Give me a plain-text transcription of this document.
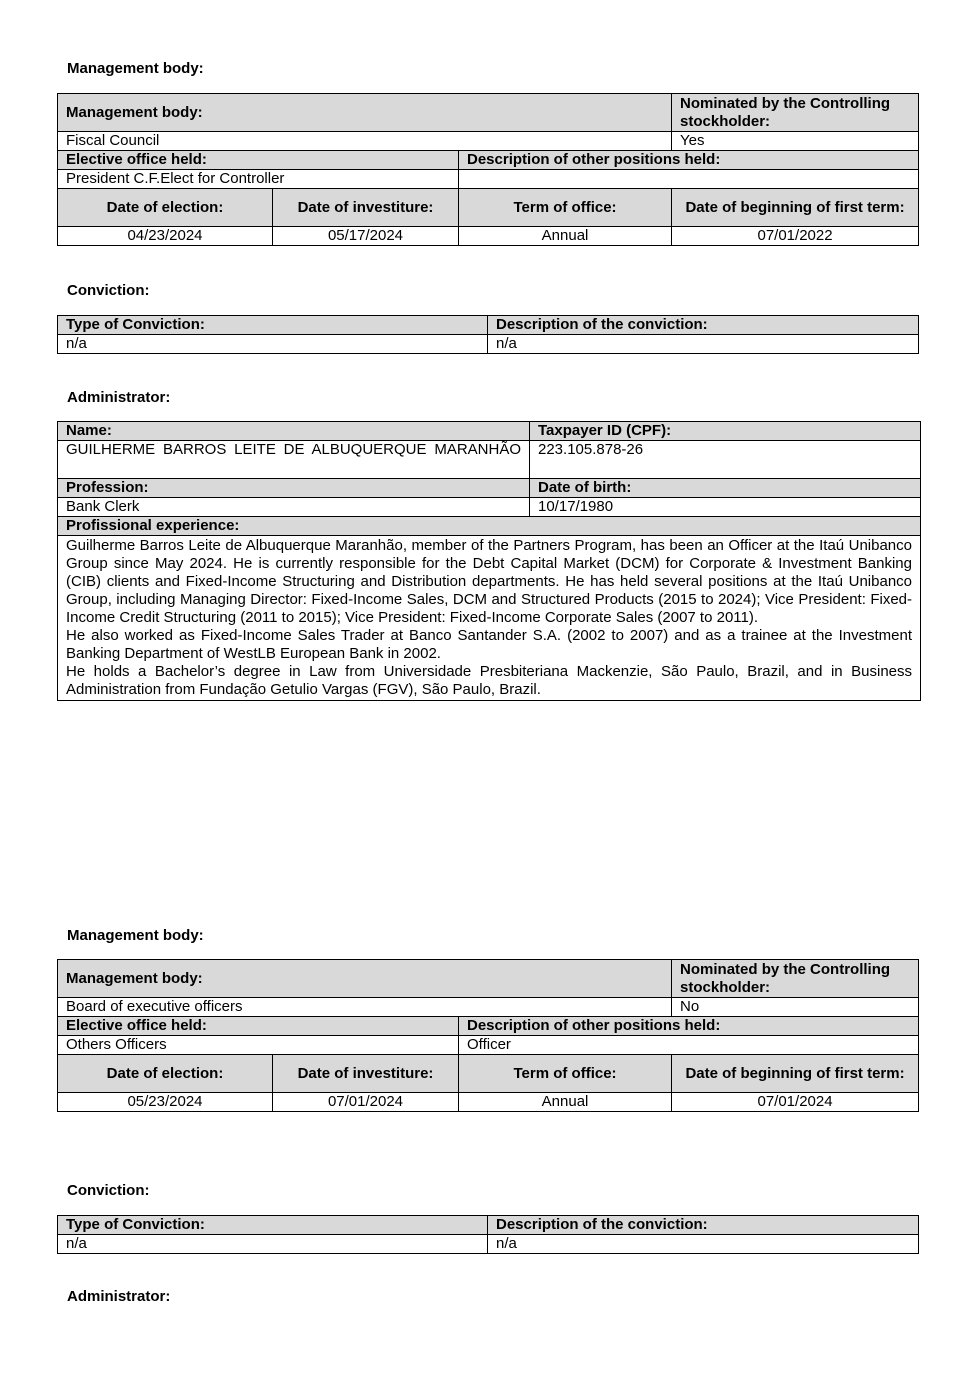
Management body:
Management body:			Nominated by the Controlling stockholder:
Fiscal Council			Yes
Elective office held:		Description of other positions held:	
President C.F.Elect for Controller			
Date of election:	Date of investiture:	Term of office:	Date of beginning of first term:
04/23/2024	05/17/2024	Annual	07/01/2022
Conviction:
Type of Conviction:	Description of the conviction:
n/a	n/a
Administrator:
Name:	Taxpayer ID (CPF):
GUILHERME BARROS LEITE DE ALBUQUERQUE MARANHÃO	223.105.878-26
Profession:	Date of birth:
Bank Clerk	10/17/1980
Profissional experience:	

Guilherme Barros Leite de Albuquerque Maranhão, member of the Partners Program, has been an Officer at the Itaú Unibanco Group since May 2024. He is currently responsible for the Debt Capital Market (DCM) for Corporate & Investment Banking (CIB) clients and Fixed-Income Structuring and Distribution departments. He has held several positions at the Itaú Unibanco Group, including Managing Director: Fixed-Income Sales, DCM and Structured Products (2015 to 2024); Vice President: Fixed-Income Credit Structuring (2011 to 2015); Vice President: Fixed-Income Corporate Sales (2007 to 2011).
He also worked as Fixed-Income Sales Trader at Banco Santander S.A. (2002 to 2007) and as a trainee at the Investment Banking Department of WestLB European Bank in 2002.
He holds a Bachelor’s degree in Law from Universidade Presbiteriana Mackenzie, São Paulo, Brazil, and in Business Administration from Fundação Getulio Vargas (FGV), São Paulo, Brazil.	
Management body:
Management body:			Nominated by the Controlling stockholder:
Board of executive officers			No
Elective office held:		Description of other positions held:	
Others Officers		Officer	
Date of election:	Date of investiture:	Term of office:	Date of beginning of first term:
05/23/2024	07/01/2024	Annual	07/01/2024
Conviction:
Type of Conviction:	Description of the conviction:
n/a	n/a
Administrator:
